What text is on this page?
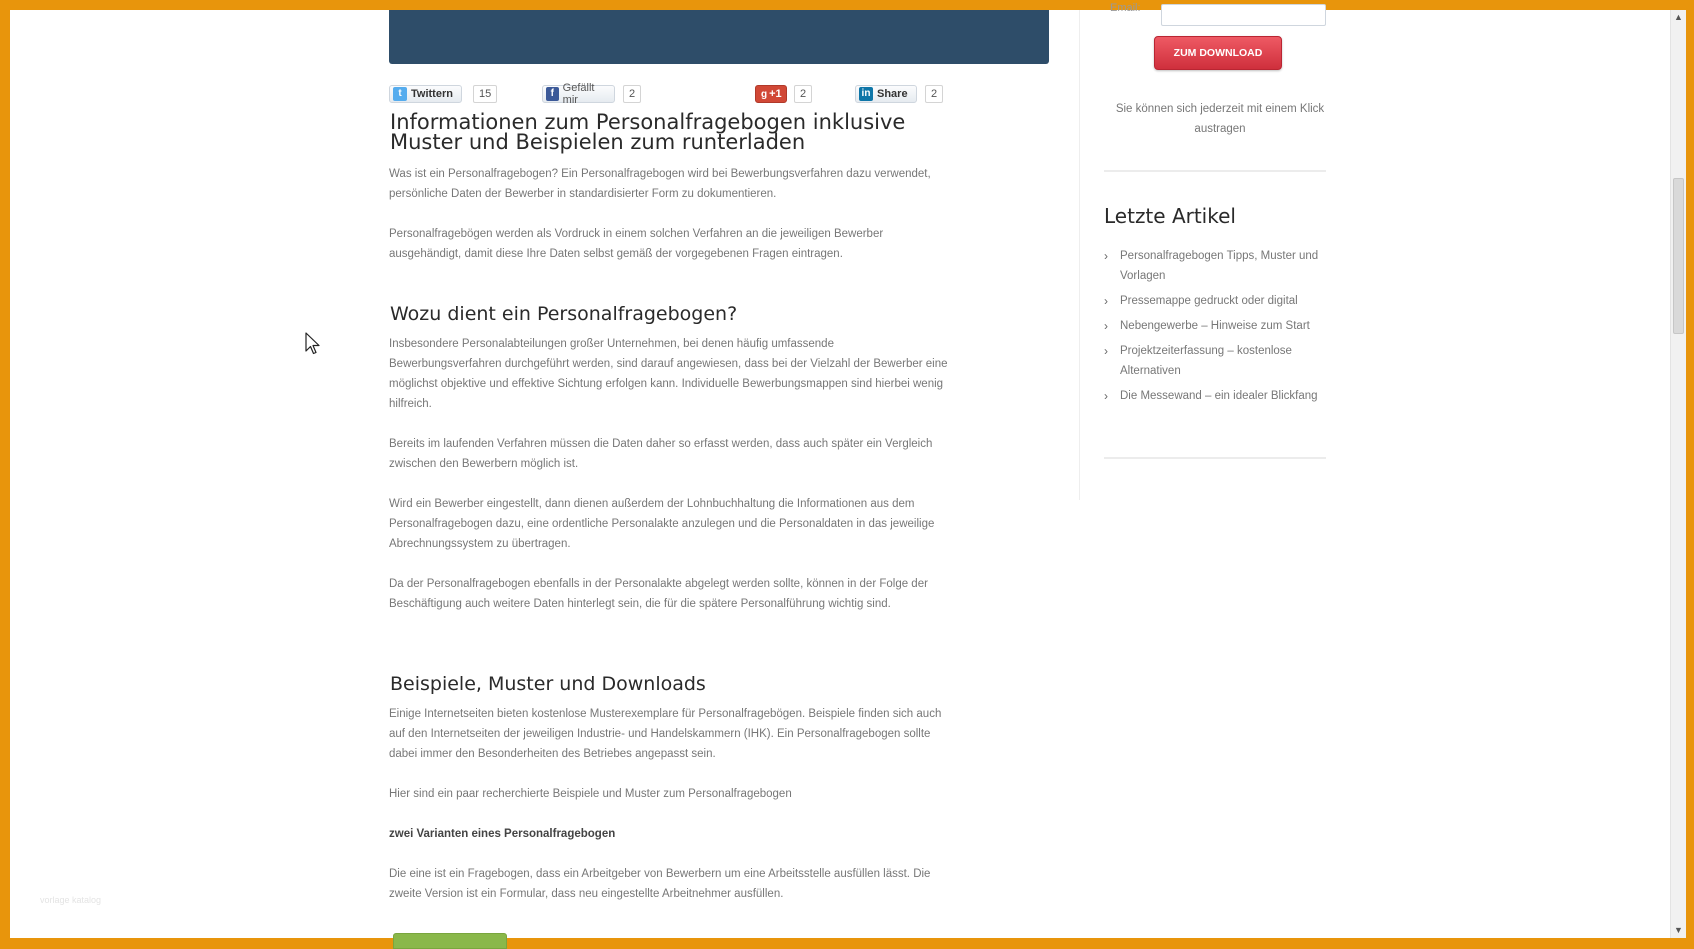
t Twittern	15	f Gefällt mir	2	g +1	2	in Share	2
Informationen zum Personalfragebogen inklusive Muster und Beispielen zum runterladen

Was ist ein Personalfragebogen? Ein Personalfragebogen wird bei Bewerbungsverfahren dazu verwendet, persönliche Daten der Bewerber in standardisierter Form zu dokumentieren.

Personalfragebögen werden als Vordruck in einem solchen Verfahren an die jeweiligen Bewerber ausgehändigt, damit diese Ihre Daten selbst gemäß der vorgegebenen Fragen eintragen.

Wozu dient ein Personalfragebogen?

Insbesondere Personalabteilungen großer Unternehmen, bei denen häufig umfassende Bewerbungsverfahren durchgeführt werden, sind darauf angewiesen, dass bei der Vielzahl der Bewerber eine möglichst objektive und effektive Sichtung erfolgen kann. Individuelle Bewerbungsmappen sind hierbei wenig hilfreich.

Bereits im laufenden Verfahren müssen die Daten daher so erfasst werden, dass auch später ein Vergleich zwischen den Bewerbern möglich ist.

Wird ein Bewerber eingestellt, dann dienen außerdem der Lohnbuchhaltung die Informationen aus dem Personalfragebogen dazu, eine ordentliche Personalakte anzulegen und die Personaldaten in das jeweilige Abrechnungssystem zu übertragen.

Da der Personalfragebogen ebenfalls in der Personalakte abgelegt werden sollte, können in der Folge der Beschäftigung auch weitere Daten hinterlegt sein, die für die spätere Personalführung wichtig sind.

Beispiele, Muster und Downloads

Einige Internetseiten bieten kostenlose Musterexemplare für Personalfragebögen. Beispiele finden sich auch auf den Internetseiten der jeweiligen Industrie- und Handelskammern (IHK). Ein Personalfragebogen sollte dabei immer den Besonderheiten des Betriebes angepasst sein.

Hier sind ein paar recherchierte Beispiele und Muster zum Personalfragebogen

zwei Varianten eines Personalfragebogen

Die eine ist ein Fragebogen, dass ein Arbeitgeber von Bewerbern um eine Arbeitsstelle ausfüllen lässt. Die zweite Version ist ein Formular, dass neu eingestellte Arbeitnehmer ausfüllen.

Email:
ZUM DOWNLOAD
Sie können sich jederzeit mit einem Klick austragen
Letzte Artikel
› Personalfragebogen Tipps, Muster und Vorlagen
› Pressemappe gedruckt oder digital
› Nebengewerbe – Hinweise zum Start
› Projektzeiterfassung – kostenlose Alternativen
› Die Messewand – ein idealer Blickfang
▲
▼
vorlage katalog
